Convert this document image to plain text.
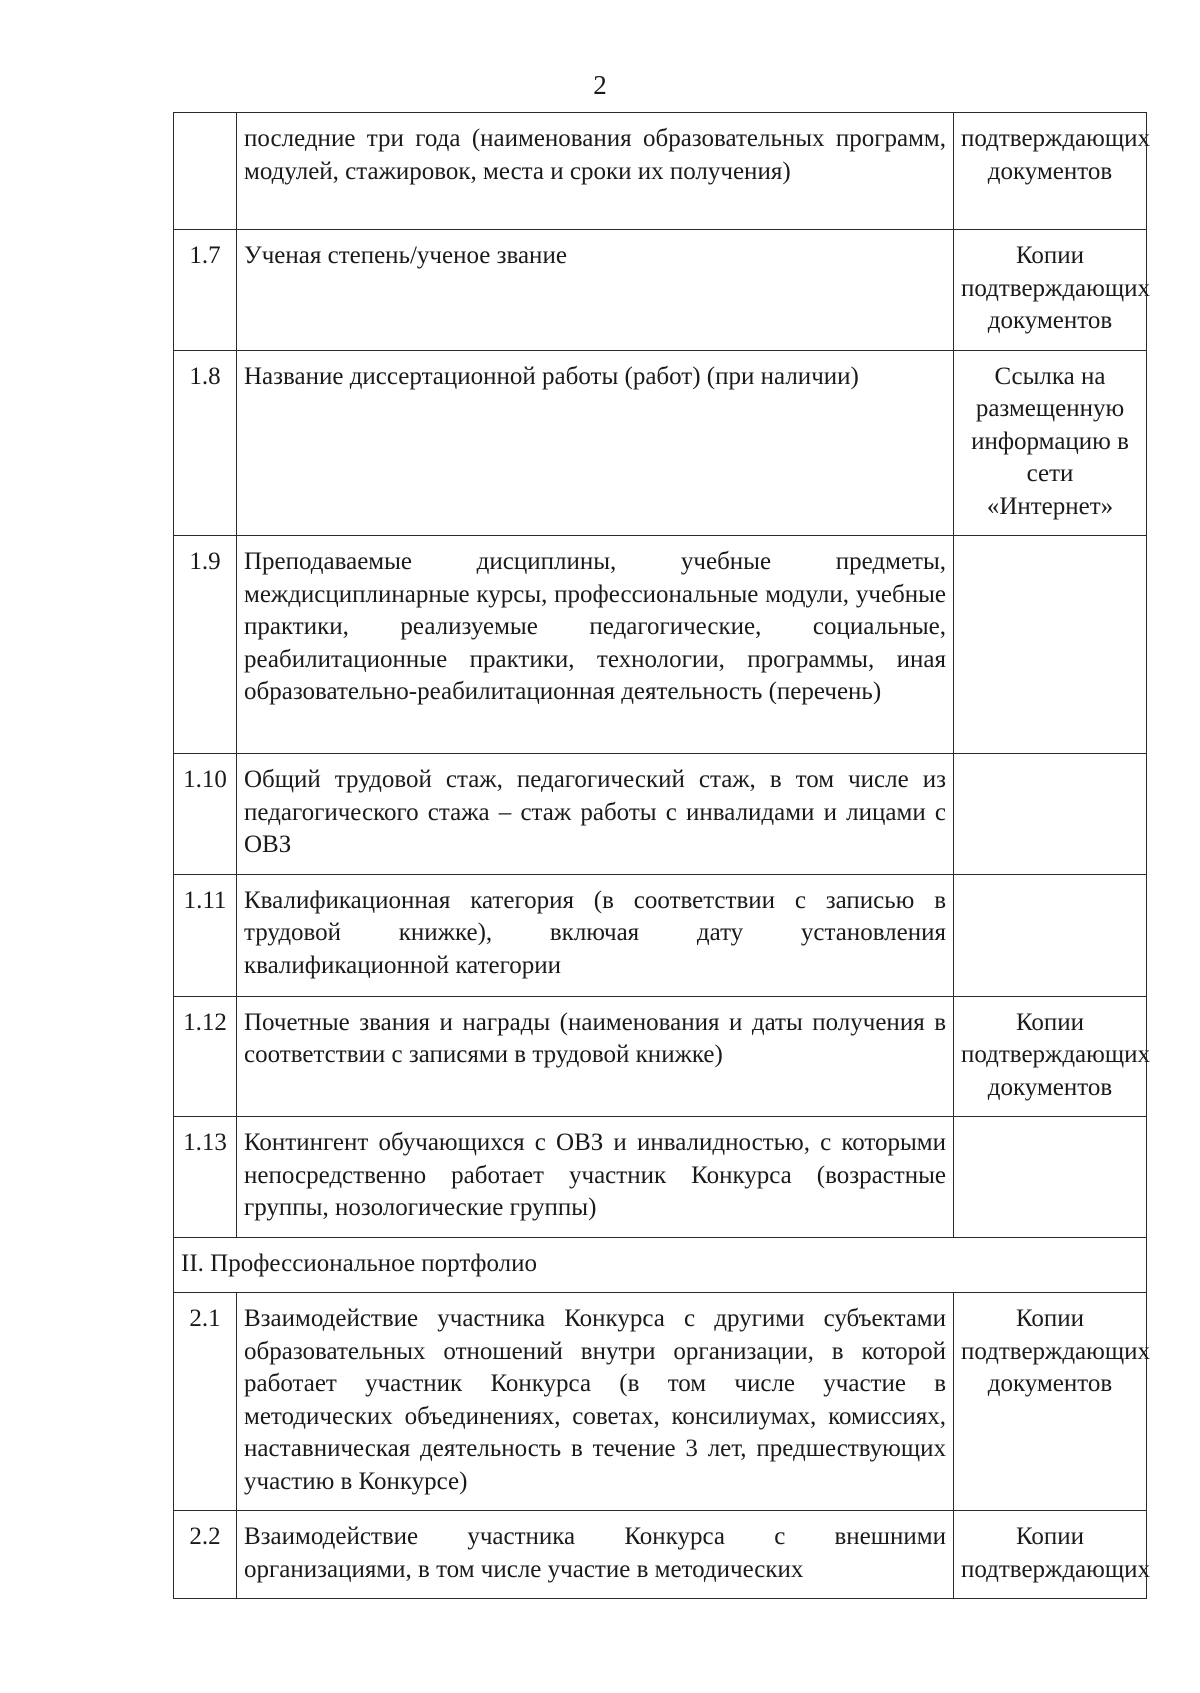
2
	последние три года (наименования образовательных программ, модулей, стажировок, места и сроки их получения)	подтверждающих документов
1.7	Ученая степень/ученое звание	Копии подтверждающих документов
1.8	Название диссертационной работы (работ) (при наличии)	Ссылка на размещенную информацию в сети «Интернет»
1.9	Преподаваемые дисциплины, учебные предметы, междисциплинарные курсы, профессиональные модули, учебные практики, реализуемые педагогические, социальные, реабилитационные практики, технологии, программы, иная образовательно-реабилитационная деятельность (перечень)	
1.10	Общий трудовой стаж, педагогический стаж, в том числе из педагогического стажа – стаж работы с инвалидами и лицами с ОВЗ	
1.11	Квалификационная категория (в соответствии с записью в трудовой книжке), включая дату установления квалификационной категории	
1.12	Почетные звания и награды (наименования и даты получения в соответствии с записями в трудовой книжке)	Копии подтверждающих документов
1.13	Контингент обучающихся с ОВЗ и инвалидностью, с которыми непосредственно работает участник Конкурса (возрастные группы, нозологические группы)	
II. Профессиональное портфолио		
2.1	Взаимодействие участника Конкурса с другими субъектами образовательных отношений внутри организации, в которой работает участник Конкурса (в том числе участие в методических объединениях, советах, консилиумах, комиссиях, наставническая деятельность в течение 3 лет, предшествующих участию в Конкурсе)	Копии подтверждающих документов
2.2	Взаимодействие участника Конкурса с внешними организациями, в том числе участие в методических	Копии подтверждающих
